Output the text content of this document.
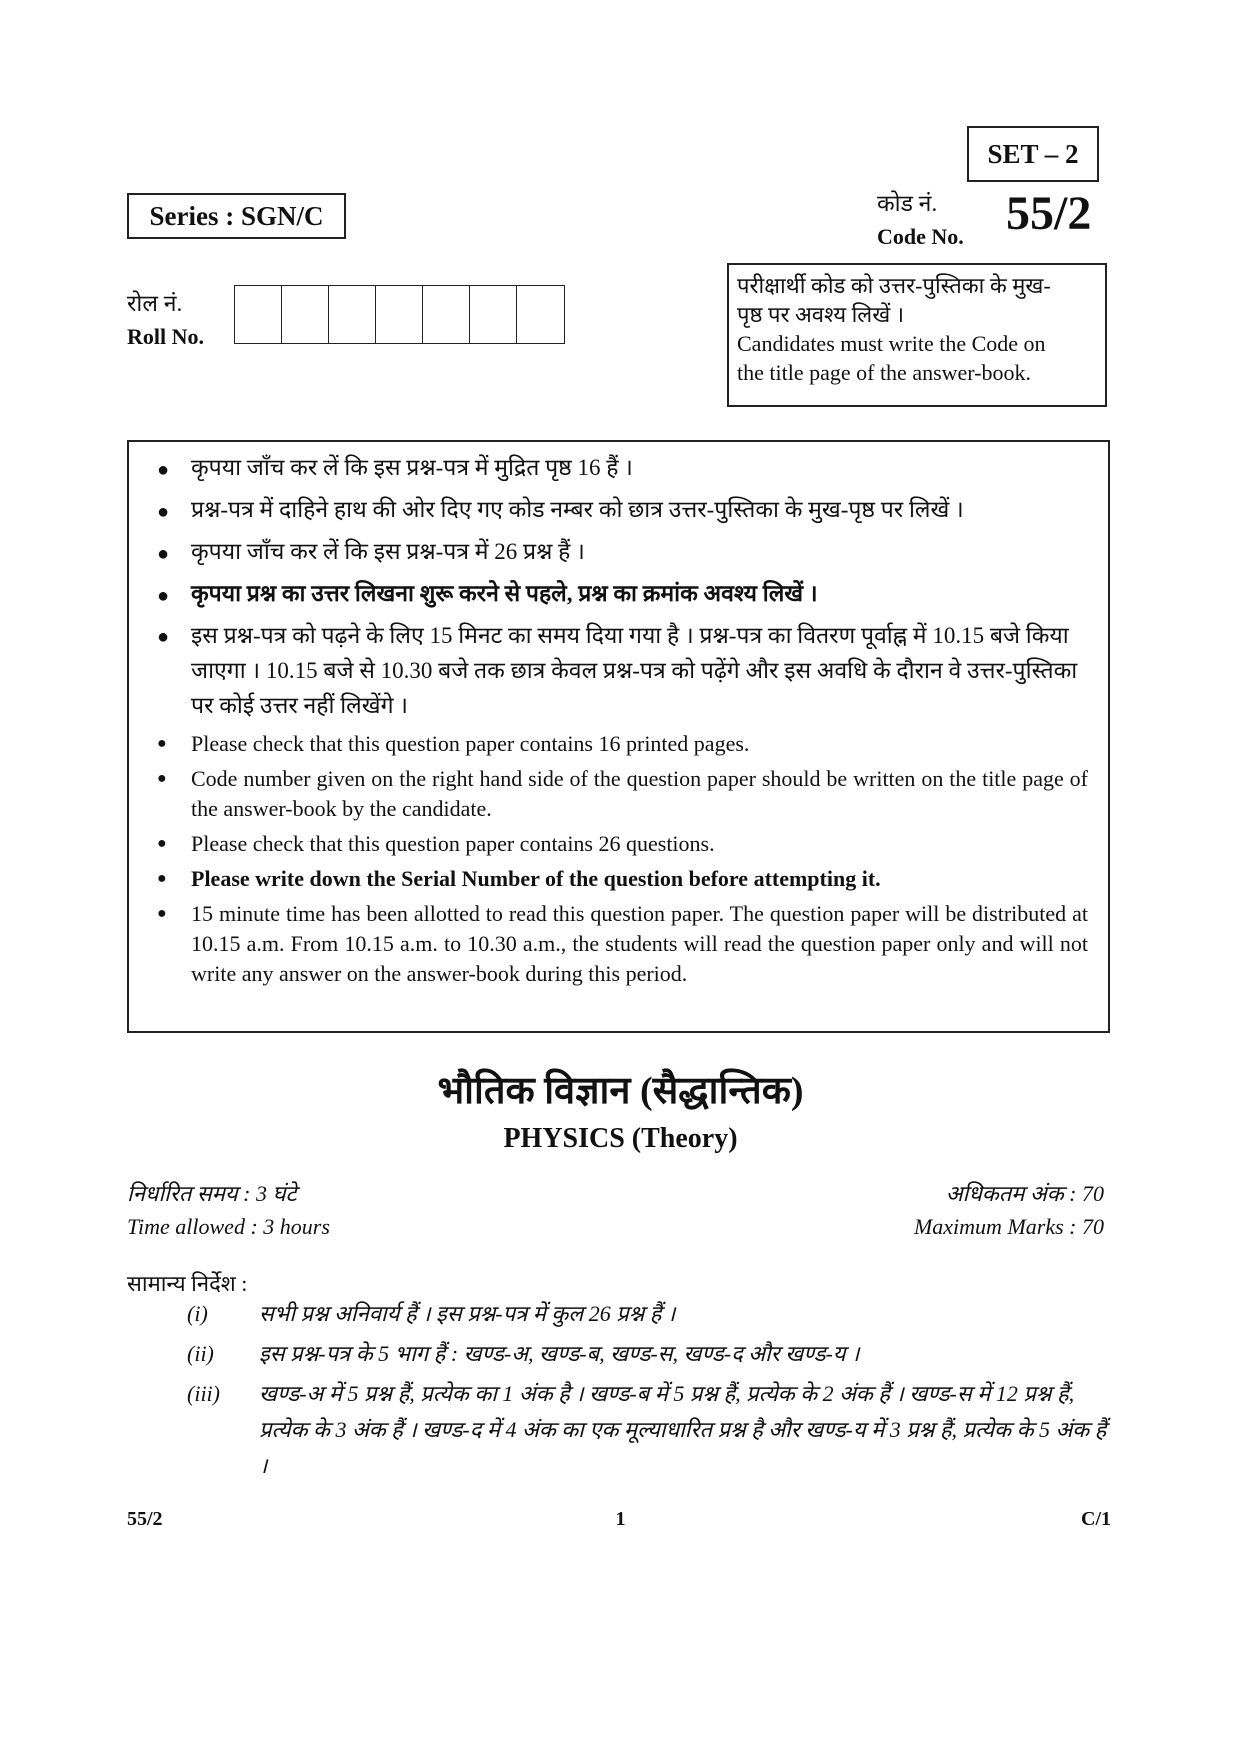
SET – 2
Series : SGN/C	कोड नं.
Code No. 55/2
रोल नं.
Roll No.
परीक्षार्थी कोड को उत्तर-पुस्तिका के मुख-
पृष्ठ पर अवश्य लिखें ।
Candidates must write the Code on
the title page of the answer-book.
● कृपया जाँच कर लें कि इस प्रश्न-पत्र में मुद्रित पृष्ठ 16 हैं ।
● प्रश्न-पत्र में दाहिने हाथ की ओर दिए गए कोड नम्बर को छात्र उत्तर-पुस्तिका के मुख-पृष्ठ पर लिखें ।
● कृपया जाँच कर लें कि इस प्रश्न-पत्र में 26 प्रश्न हैं ।
● कृपया प्रश्न का उत्तर लिखना शुरू करने से पहले, प्रश्न का क्रमांक अवश्य लिखें ।
● इस प्रश्न-पत्र को पढ़ने के लिए 15 मिनट का समय दिया गया है । प्रश्न-पत्र का वितरण पूर्वाह्न में 10.15 बजे किया जाएगा । 10.15 बजे से 10.30 बजे तक छात्र केवल प्रश्न-पत्र को पढ़ेंगे और इस अवधि के दौरान वे उत्तर-पुस्तिका पर कोई उत्तर नहीं लिखेंगे ।
● Please check that this question paper contains 16 printed pages.
● Code number given on the right hand side of the question paper should be written on the title page of the answer-book by the candidate.
● Please check that this question paper contains 26 questions.
● Please write down the Serial Number of the question before attempting it.
● 15 minute time has been allotted to read this question paper. The question paper will be distributed at 10.15 a.m. From 10.15 a.m. to 10.30 a.m., the students will read the question paper only and will not write any answer on the answer-book during this period.
भौतिक विज्ञान (सैद्धान्तिक)
PHYSICS (Theory)
निर्धारित समय : 3 घंटे
Time allowed : 3 hours
अधिकतम अंक : 70
Maximum Marks : 70
सामान्य निर्देश :
(i)	सभी प्रश्न अनिवार्य हैं । इस प्रश्न-पत्र में कुल 26 प्रश्न हैं ।
(ii)	इस प्रश्न-पत्र के 5 भाग हैं : खण्ड-अ, खण्ड-ब, खण्ड-स, खण्ड-द और खण्ड-य ।
(iii)	खण्ड-अ में 5 प्रश्न हैं, प्रत्येक का 1 अंक है । खण्ड-ब में 5 प्रश्न हैं, प्रत्येक के 2 अंक हैं । खण्ड-स में 12 प्रश्न हैं, प्रत्येक के 3 अंक हैं । खण्ड-द में 4 अंक का एक मूल्याधारित प्रश्न है और खण्ड-य में 3 प्रश्न हैं, प्रत्येक के 5 अंक हैं ।
55/2	1	C/1
